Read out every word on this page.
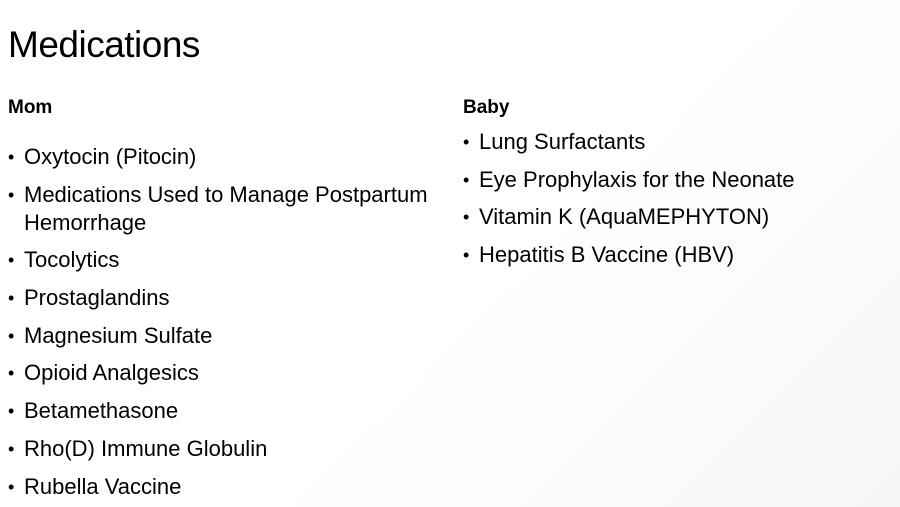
Medications
Mom
• Oxytocin (Pitocin)
• Medications Used to Manage Postpartum Hemorrhage
• Tocolytics
• Prostaglandins
• Magnesium Sulfate
• Opioid Analgesics
• Betamethasone
• Rho(D) Immune Globulin
• Rubella Vaccine
Baby
• Lung Surfactants
• Eye Prophylaxis for the Neonate
• Vitamin K (AquaMEPHYTON)
• Hepatitis B Vaccine (HBV)
